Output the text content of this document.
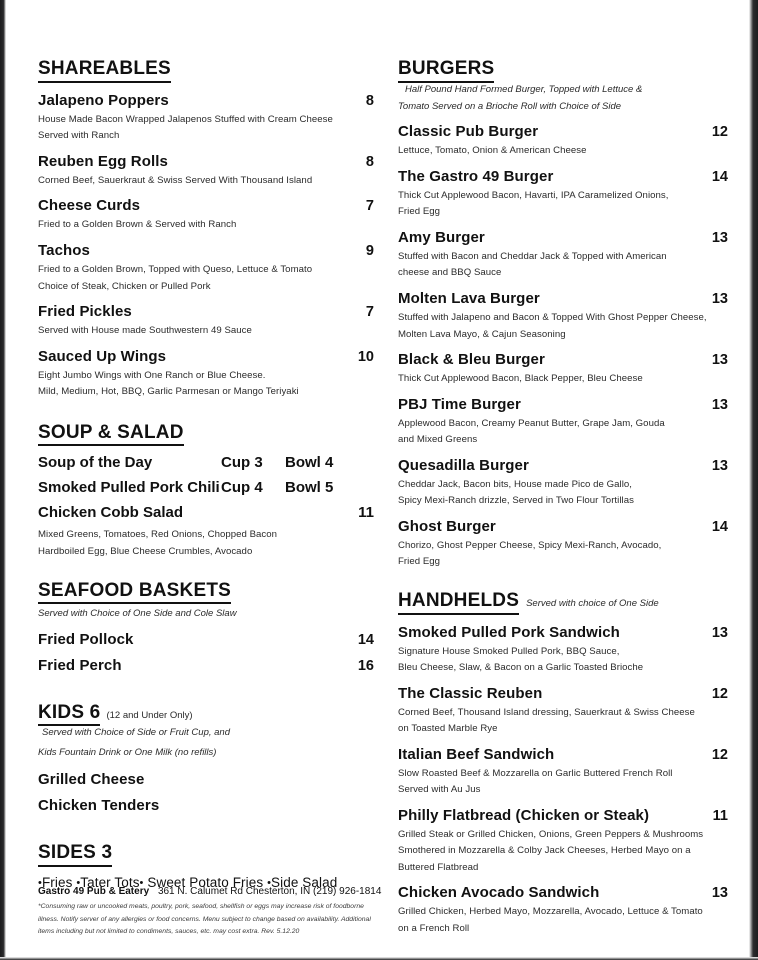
SHAREABLES
Jalapeno Poppers	8
House Made Bacon Wrapped Jalapenos Stuffed with Cream Cheese
Served with Ranch
Reuben Egg Rolls	8
Corned Beef, Sauerkraut & Swiss Served With Thousand Island
Cheese Curds	7
Fried to a Golden Brown & Served with Ranch
Tachos	9
Fried to a Golden Brown, Topped with Queso, Lettuce & Tomato
Choice of Steak, Chicken or Pulled Pork
Fried Pickles	7
Served with House made Southwestern 49 Sauce
Sauced Up Wings	10
Eight Jumbo Wings with One Ranch or Blue Cheese.
Mild, Medium, Hot, BBQ, Garlic Parmesan or Mango Teriyaki
SOUP & SALAD
Soup of the Day	Cup 3	Bowl 4
Smoked Pulled Pork Chili Cup 4	Bowl 5
Chicken Cobb Salad	11
Mixed Greens, Tomatoes, Red Onions, Chopped Bacon
Hardboiled Egg, Blue Cheese Crumbles, Avocado
SEAFOOD BASKETS
Served with Choice of One Side and Cole Slaw
Fried Pollock	14
Fried Perch	16
KIDS 6 (12 and Under Only)
Served with Choice of Side or Fruit Cup, and
Kids Fountain Drink or One Milk (no refills)
Grilled Cheese
Chicken Tenders
SIDES 3
•Fries •Tater Tots• Sweet Potato Fries •Side Salad
BURGERS
Half Pound Hand Formed Burger, Topped with Lettuce &
Tomato Served on a Brioche Roll with Choice of Side
Classic Pub Burger	12
Lettuce, Tomato, Onion & American Cheese
The Gastro 49 Burger	14
Thick Cut Applewood Bacon, Havarti, IPA Caramelized Onions,
Fried Egg
Amy Burger	13
Stuffed with Bacon and Cheddar Jack & Topped with American
cheese and BBQ Sauce
Molten Lava Burger	13
Stuffed with Jalapeno and Bacon & Topped With Ghost Pepper Cheese,
Molten Lava Mayo, & Cajun Seasoning
Black & Bleu Burger	13
Thick Cut Applewood Bacon, Black Pepper, Bleu Cheese
PBJ Time Burger	13
Applewood Bacon, Creamy Peanut Butter, Grape Jam, Gouda
and Mixed Greens
Quesadilla Burger	13
Cheddar Jack, Bacon bits, House made Pico de Gallo,
Spicy Mexi-Ranch drizzle, Served in Two Flour Tortillas
Ghost Burger	14
Chorizo, Ghost Pepper Cheese, Spicy Mexi-Ranch, Avocado,
Fried Egg
HANDHELDS Served with choice of One Side
Smoked Pulled Pork Sandwich	13
Signature House Smoked Pulled Pork, BBQ Sauce,
Bleu Cheese, Slaw, & Bacon on a Garlic Toasted Brioche
The Classic Reuben	12
Corned Beef, Thousand Island dressing, Sauerkraut & Swiss Cheese
on Toasted Marble Rye
Italian Beef Sandwich	12
Slow Roasted Beef & Mozzarella on Garlic Buttered French Roll
Served with Au Jus
Philly Flatbread (Chicken or Steak)	11
Grilled Steak or Grilled Chicken, Onions, Green Peppers & Mushrooms
Smothered in Mozzarella & Colby Jack Cheeses, Herbed Mayo on a
Buttered Flatbread
Chicken Avocado Sandwich	13
Grilled Chicken, Herbed Mayo, Mozzarella, Avocado, Lettuce & Tomato
on a French Roll
Gastro 49 Pub & Eatery 361 N. Calumet Rd Chesterton, IN (219) 926-1814
*Consuming raw or uncooked meats, poultry, pork, seafood, shellfish or eggs may increase risk of foodborne illness. Notify server of any allergies or food concerns. Menu subject to change based on availability. Additional items including but not limited to condiments, sauces, etc. may cost extra. Rev. 5.12.20
